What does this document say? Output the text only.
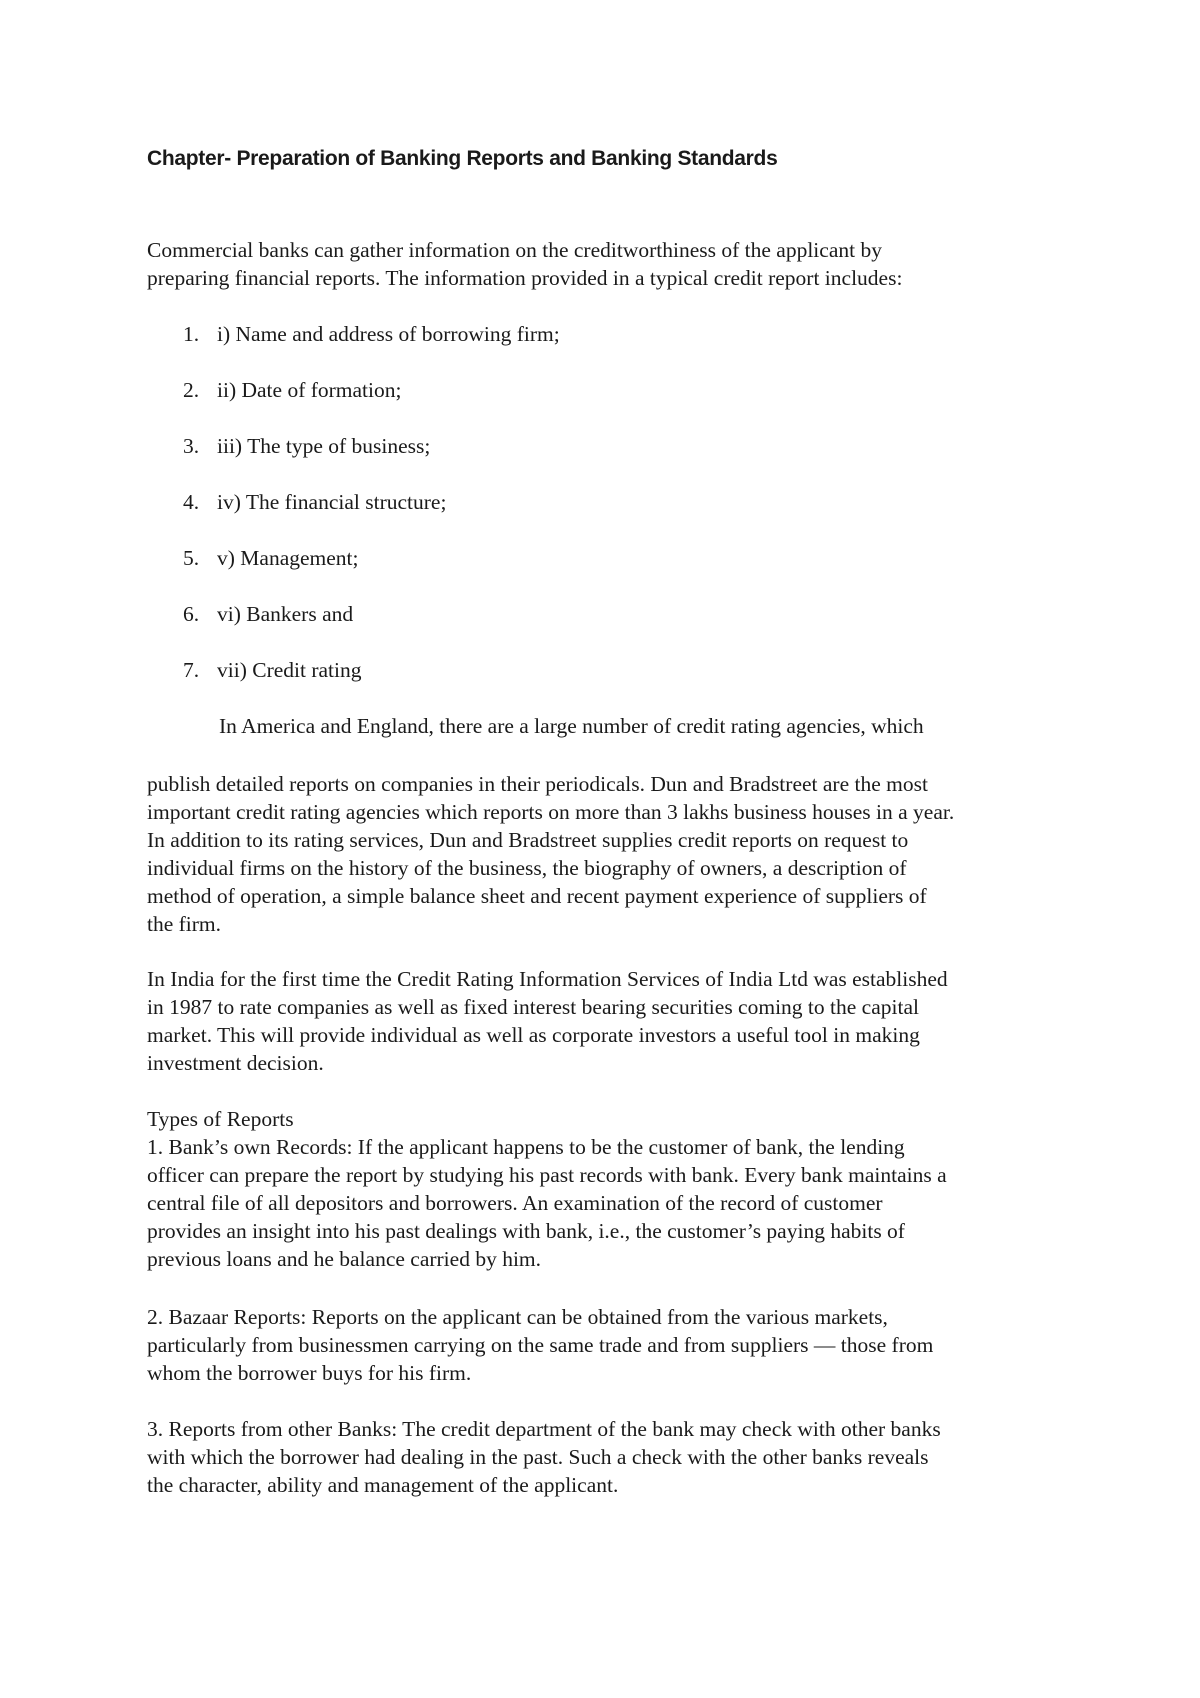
Chapter- Preparation of Banking Reports and Banking Standards

Commercial banks can gather information on the creditworthiness of the applicant by
preparing financial reports. The information provided in a typical credit report includes:

1. i) Name and address of borrowing firm;
2. ii) Date of formation;
3. iii) The type of business;
4. iv) The financial structure;
5. v) Management;
6. vi) Bankers and
7. vii) Credit rating
In America and England, there are a large number of credit rating agencies, which

publish detailed reports on companies in their periodicals. Dun and Bradstreet are the most
important credit rating agencies which reports on more than 3 lakhs business houses in a year.
In addition to its rating services, Dun and Bradstreet supplies credit reports on request to
individual firms on the history of the business, the biography of owners, a description of
method of operation, a simple balance sheet and recent payment experience of suppliers of
the firm.

In India for the first time the Credit Rating Information Services of India Ltd was established
in 1987 to rate companies as well as fixed interest bearing securities coming to the capital
market. This will provide individual as well as corporate investors a useful tool in making
investment decision.

Types of Reports
1. Bank’s own Records: If the applicant happens to be the customer of bank, the lending
officer can prepare the report by studying his past records with bank. Every bank maintains a
central file of all depositors and borrowers. An examination of the record of customer
provides an insight into his past dealings with bank, i.e., the customer’s paying habits of
previous loans and he balance carried by him.

2. Bazaar Reports: Reports on the applicant can be obtained from the various markets,
particularly from businessmen carrying on the same trade and from suppliers — those from
whom the borrower buys for his firm.

3. Reports from other Banks: The credit department of the bank may check with other banks
with which the borrower had dealing in the past. Such a check with the other banks reveals
the character, ability and management of the applicant.
